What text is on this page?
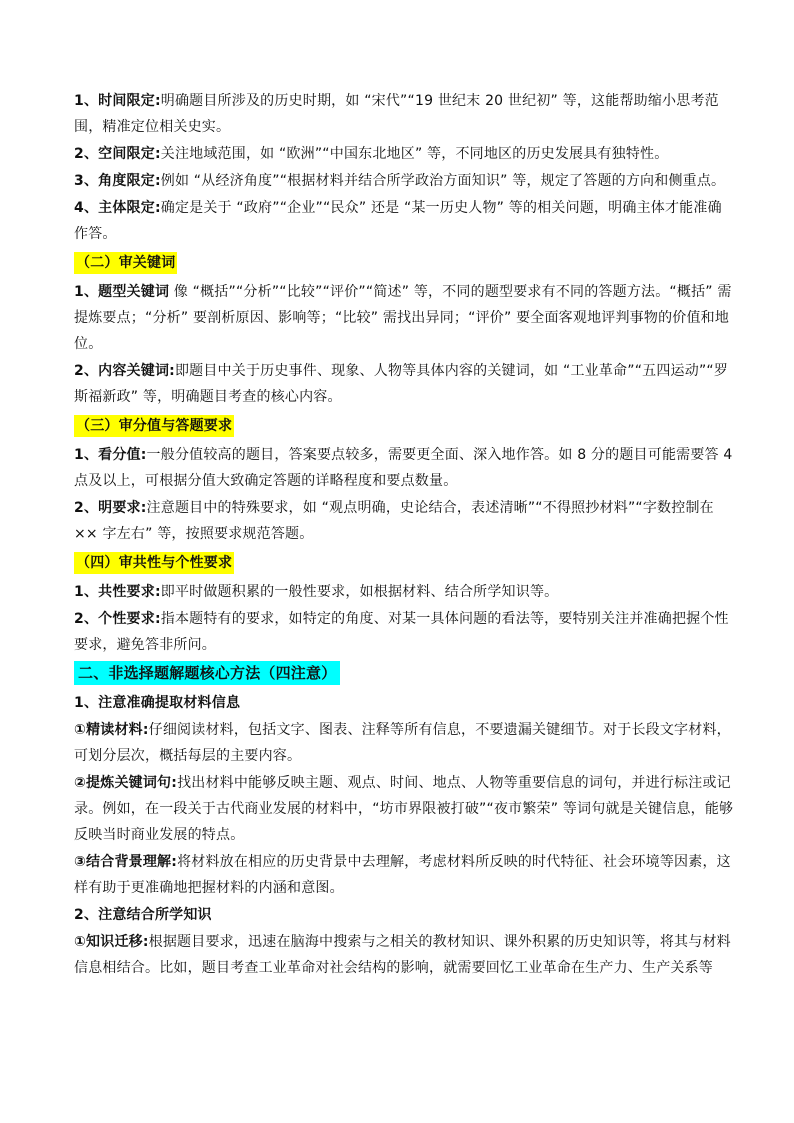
1、时间限定:明确题目所涉及的历史时期，如 “宋代”“19 世纪末 20 世纪初” 等，这能帮助缩小思考范围，精准定位相关史实。

2、空间限定:关注地域范围，如 “欧洲”“中国东北地区” 等，不同地区的历史发展具有独特性。

3、角度限定:例如 “从经济角度”“根据材料并结合所学政治方面知识” 等，规定了答题的方向和侧重点。

4、主体限定:确定是关于 “政府”“企业”“民众” 还是 “某一历史人物” 等的相关问题，明确主体才能准确作答。

（二）审关键词

1、题型关键词 像 “概括”“分析”“比较”“评价”“简述” 等，不同的题型要求有不同的答题方法。“概括” 需提炼要点；“分析” 要剖析原因、影响等；“比较” 需找出异同；“评价” 要全面客观地评判事物的价值和地位。

2、内容关键词:即题目中关于历史事件、现象、人物等具体内容的关键词，如 “工业革命”“五四运动”“罗斯福新政” 等，明确题目考查的核心内容。

（三）审分值与答题要求

1、看分值:一般分值较高的题目，答案要点较多，需要更全面、深入地作答。如 8 分的题目可能需要答 4 点及以上，可根据分值大致确定答题的详略程度和要点数量。

2、明要求:注意题目中的特殊要求，如 “观点明确，史论结合，表述清晰”“不得照抄材料”“字数控制在 ×× 字左右” 等，按照要求规范答题。

（四）审共性与个性要求

1、共性要求:即平时做题积累的一般性要求，如根据材料、结合所学知识等。

2、个性要求:指本题特有的要求，如特定的角度、对某一具体问题的看法等，要特别关注并准确把握个性要求，避免答非所问。

二、非选择题解题核心方法（四注意）

1、注意准确提取材料信息

①精读材料:仔细阅读材料，包括文字、图表、注释等所有信息，不要遗漏关键细节。对于长段文字材料，可划分层次，概括每层的主要内容。

②提炼关键词句:找出材料中能够反映主题、观点、时间、地点、人物等重要信息的词句，并进行标注或记录。例如，在一段关于古代商业发展的材料中，“坊市界限被打破”“夜市繁荣” 等词句就是关键信息，能够反映当时商业发展的特点。

③结合背景理解:将材料放在相应的历史背景中去理解，考虑材料所反映的时代特征、社会环境等因素，这样有助于更准确地把握材料的内涵和意图。

2、注意结合所学知识

①知识迁移:根据题目要求，迅速在脑海中搜索与之相关的教材知识、课外积累的历史知识等，将其与材料信息相结合。比如，题目考查工业革命对社会结构的影响，就需要回忆工业革命在生产力、生产关系等
